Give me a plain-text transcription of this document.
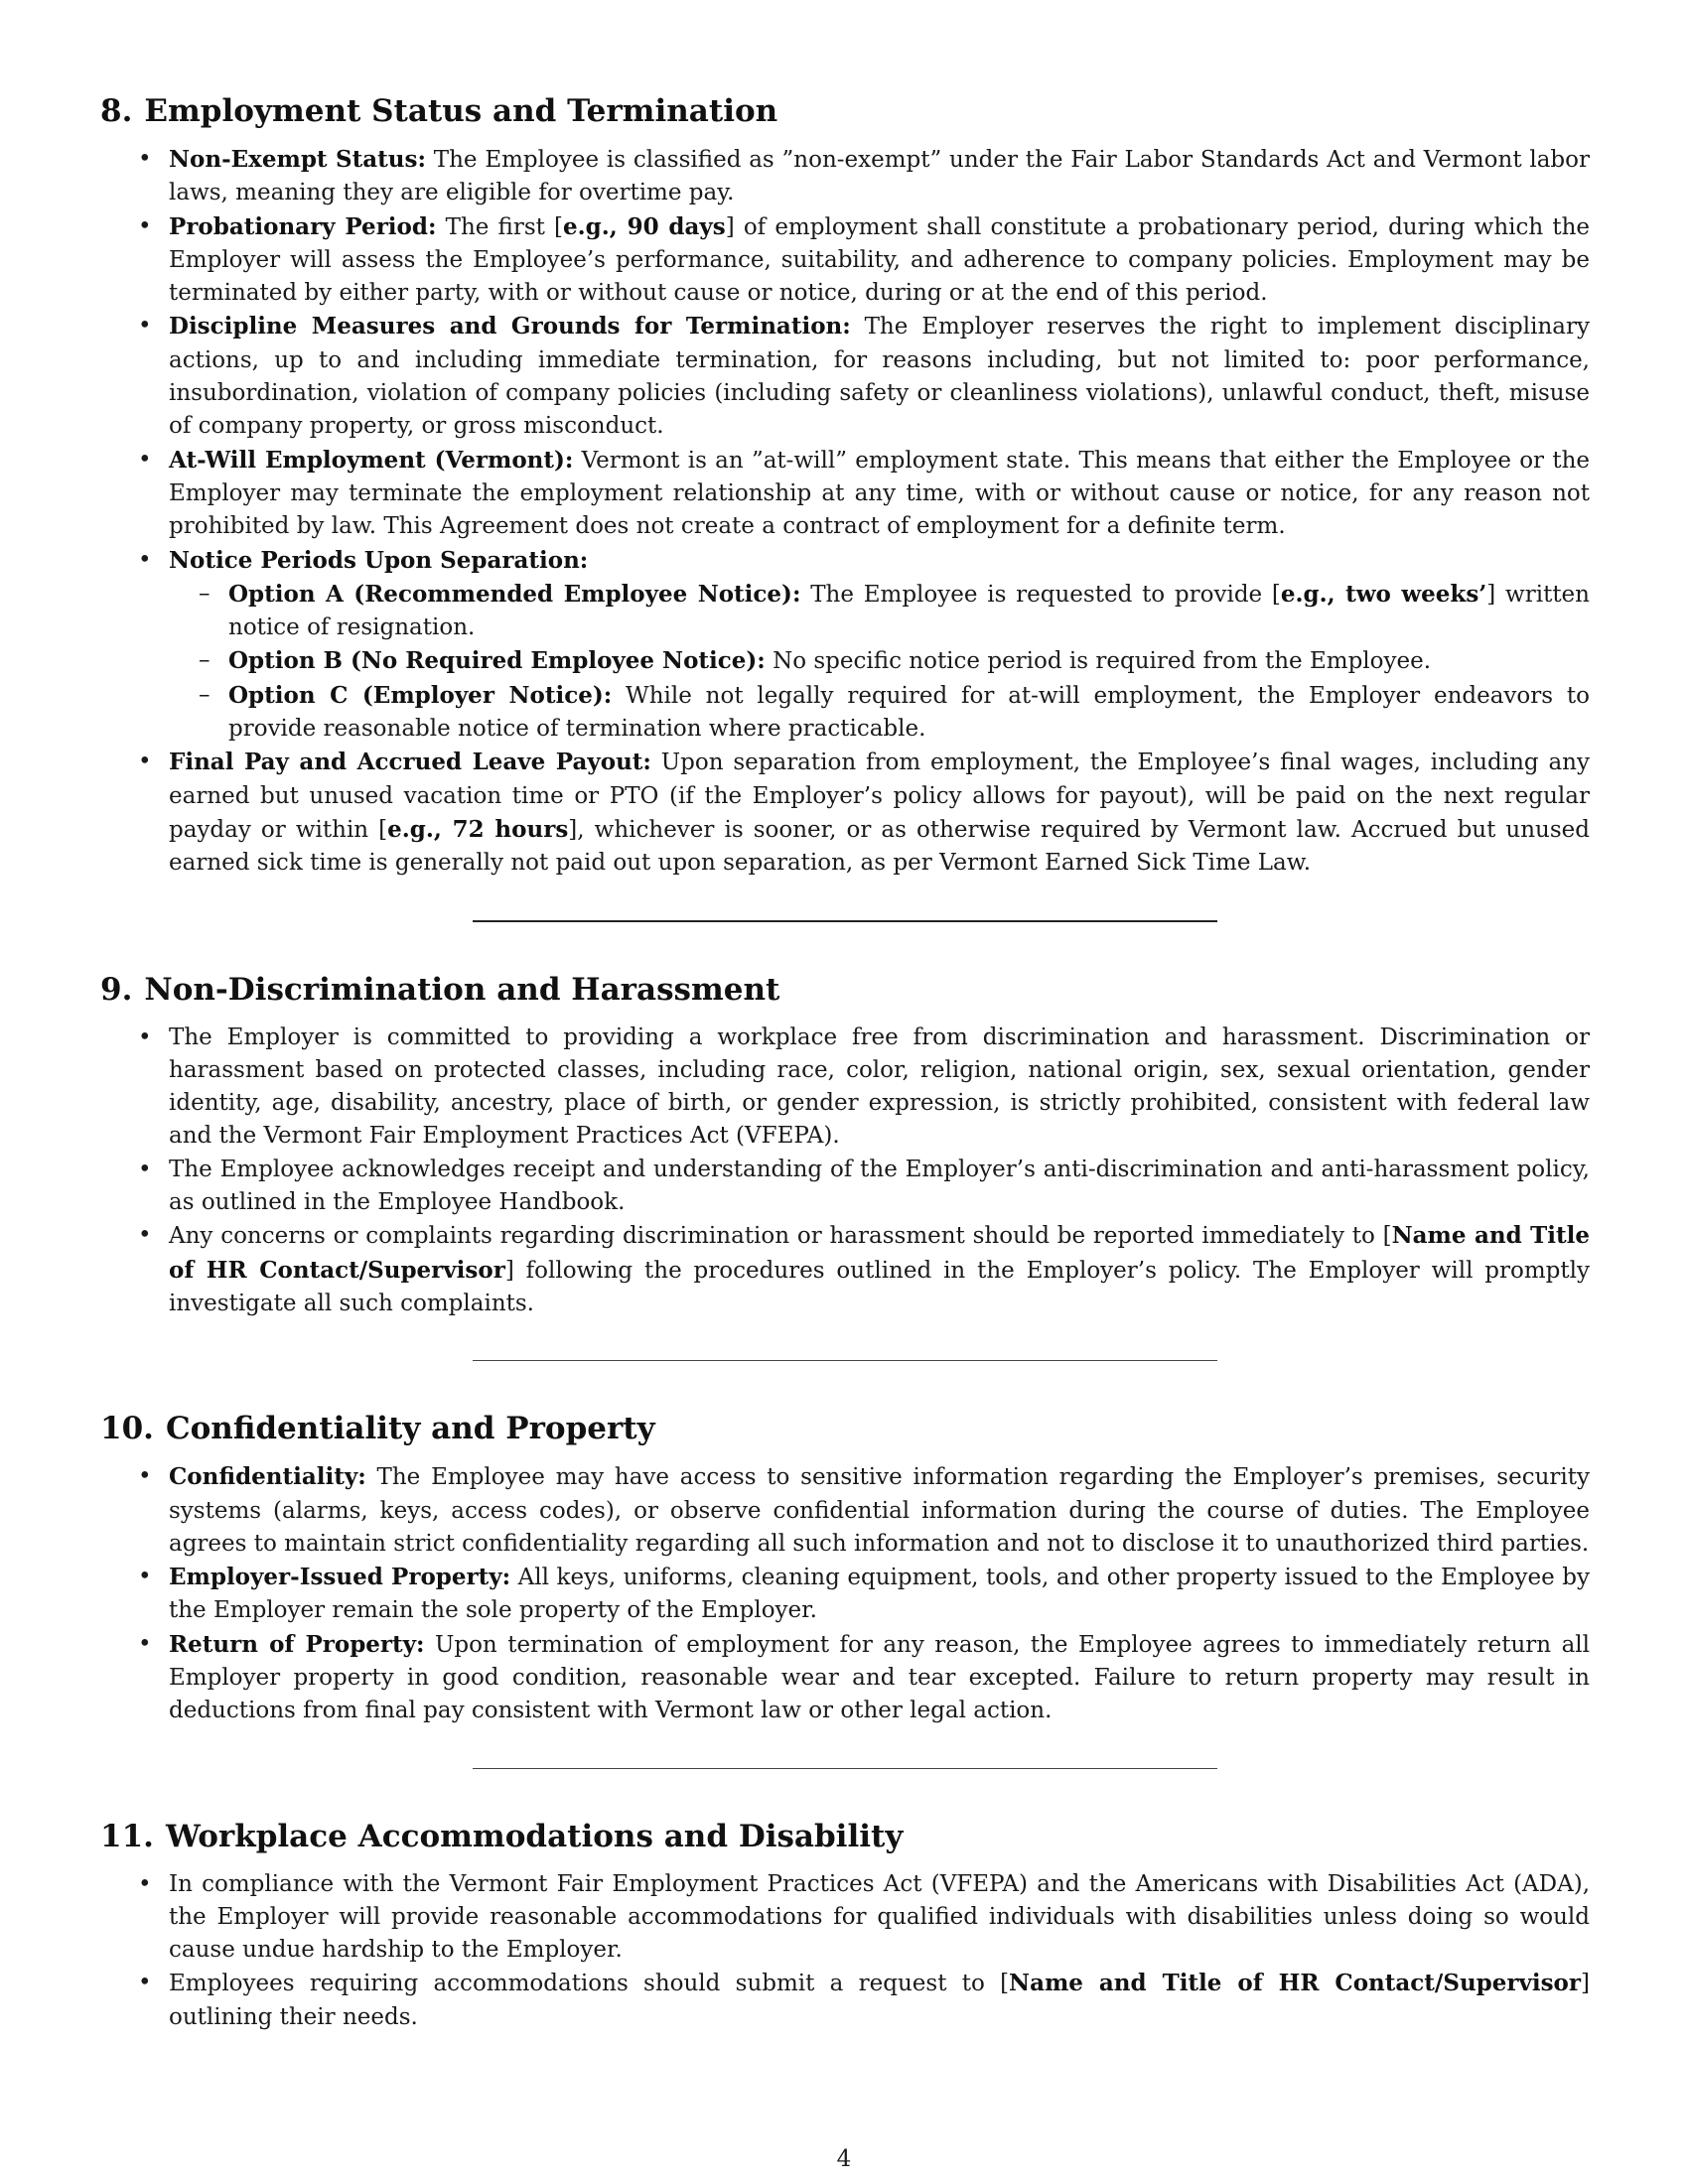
8. Employment Status and Termination
• Non-Exempt Status: The Employee is classified as ”non-exempt” under the Fair Labor Standards Act and Vermont labor laws, meaning they are eligible for overtime pay.
• Probationary Period: The first [e.g., 90 days] of employment shall constitute a probationary period, during which the Employer will assess the Employee’s performance, suitability, and adherence to company policies. Employment may be terminated by either party, with or without cause or notice, during or at the end of this period.
• Discipline Measures and Grounds for Termination: The Employer reserves the right to implement disciplinary actions, up to and including immediate termination, for reasons including, but not limited to: poor performance, insubordination, violation of company policies (including safety or cleanliness violations), unlawful conduct, theft, misuse of company property, or gross misconduct.
• At-Will Employment (Vermont): Vermont is an ”at-will” employment state. This means that either the Employee or the Employer may terminate the employment relationship at any time, with or without cause or notice, for any reason not prohibited by law. This Agreement does not create a contract of employment for a definite term.
• Notice Periods Upon Separation:
– Option A (Recommended Employee Notice): The Employee is requested to provide [e.g., two weeks’] written notice of resignation.
– Option B (No Required Employee Notice): No specific notice period is required from the Employee.
– Option C (Employer Notice): While not legally required for at-will employment, the Employer endeavors to provide reasonable notice of termination where practicable.
• Final Pay and Accrued Leave Payout: Upon separation from employment, the Employee’s final wages, including any earned but unused vacation time or PTO (if the Employer’s policy allows for payout), will be paid on the next regular payday or within [e.g., 72 hours], whichever is sooner, or as otherwise required by Vermont law. Accrued but unused earned sick time is generally not paid out upon separation, as per Vermont Earned Sick Time Law.
9. Non-Discrimination and Harassment
• The Employer is committed to providing a workplace free from discrimination and harassment. Discrimination or harassment based on protected classes, including race, color, religion, national origin, sex, sexual orientation, gender identity, age, disability, ancestry, place of birth, or gender expression, is strictly prohibited, consistent with federal law and the Vermont Fair Employment Practices Act (VFEPA).
• The Employee acknowledges receipt and understanding of the Employer’s anti-discrimination and anti-harassment policy, as outlined in the Employee Handbook.
• Any concerns or complaints regarding discrimination or harassment should be reported immediately to [Name and Title of HR Contact/Supervisor] following the procedures outlined in the Employer’s policy. The Employer will promptly investigate all such complaints.
10. Confidentiality and Property
• Confidentiality: The Employee may have access to sensitive information regarding the Employer’s premises, security systems (alarms, keys, access codes), or observe confidential information during the course of duties. The Employee agrees to maintain strict confidentiality regarding all such information and not to disclose it to unauthorized third parties.
• Employer-Issued Property: All keys, uniforms, cleaning equipment, tools, and other property issued to the Employee by the Employer remain the sole property of the Employer.
• Return of Property: Upon termination of employment for any reason, the Employee agrees to immediately return all Employer property in good condition, reasonable wear and tear excepted. Failure to return property may result in deductions from final pay consistent with Vermont law or other legal action.
11. Workplace Accommodations and Disability
• In compliance with the Vermont Fair Employment Practices Act (VFEPA) and the Americans with Disabilities Act (ADA), the Employer will provide reasonable accommodations for qualified individuals with disabilities unless doing so would cause undue hardship to the Employer.
• Employees requiring accommodations should submit a request to [Name and Title of HR Contact/Supervisor] outlining their needs.
4
